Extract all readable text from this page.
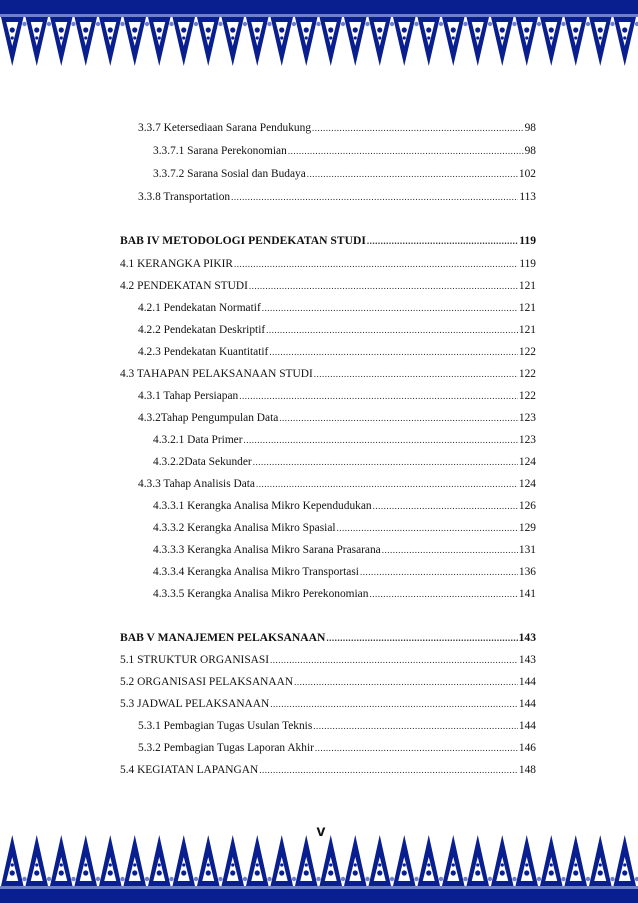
3.3.7 Ketersediaan Sarana Pendukung .....	98
3.3.7.1 Sarana Perekonomian .....	98
3.3.7.2 Sarana Sosial dan Budaya .....	102
3.3.8 Transportation .....	113
BAB IV METODOLOGI PENDEKATAN STUDI .....	119
4.1 KERANGKA PIKIR .....	119
4.2 PENDEKATAN STUDI .....	121
4.2.1 Pendekatan Normatif .....	121
4.2.2 Pendekatan Deskriptif .....	121
4.2.3 Pendekatan Kuantitatif .....	122
4.3 TAHAPAN PELAKSANAAN STUDI .....	122
4.3.1 Tahap Persiapan .....	122
4.3.2Tahap Pengumpulan Data .....	123
4.3.2.1 Data Primer .....	123
4.3.2.2Data Sekunder .....	124
4.3.3 Tahap Analisis Data .....	124
4.3.3.1 Kerangka Analisa Mikro Kependudukan .....	126
4.3.3.2 Kerangka Analisa Mikro Spasial .....	129
4.3.3.3 Kerangka Analisa Mikro Sarana Prasarana .....	131
4.3.3.4 Kerangka Analisa Mikro Transportasi .....	136
4.3.3.5 Kerangka Analisa Mikro Perekonomian .....	141
BAB V MANAJEMEN PELAKSANAAN .....	143
5.1 STRUKTUR ORGANISASI .....	143
5.2 ORGANISASI PELAKSANAAN .....	144
5.3 JADWAL PELAKSANAAN .....	144
5.3.1 Pembagian Tugas Usulan Teknis .....	144
5.3.2 Pembagian Tugas Laporan Akhir .....	146
5.4 KEGIATAN LAPANGAN .....	148
v
